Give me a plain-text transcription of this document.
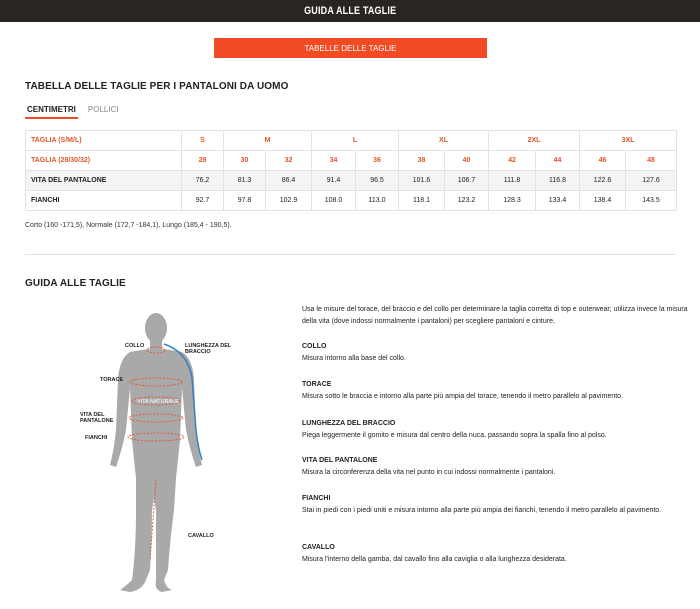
GUIDA ALLE TAGLIE
TABELLE DELLE TAGLIE
TABELLA DELLE TAGLIE PER I PANTALONI DA UOMO
CENTIMETRI POLLICI
TAGLIA (S/M/L)	S	M		L		XL		2XL		3XL	
TAGLIA (28/30/32)	28	30	32	34	36	38	40	42	44	46	48
VITA DEL PANTALONE	76.2	81.3	86.4	91.4	96.5	101.6	106.7	111.8	116.8	122.6	127.6
FIANCHI	92.7	97.8	102.9	108.0	113.0	118.1	123.2	128.3	133.4	138.4	143.5
Corto (160 -171,5), Normale (172,7 -184,1), Lungo (185,4 - 190,5).
GUIDA ALLE TAGLIE
COLLO	LUNGHEZZA DEL BRACCIO
TORACE
VITA NATURALE
VITA DEL PANTALONE
FIANCHI
CAVALLO
Usa le misure del torace, del braccio e del collo per determinare la taglia corretta di top e outerwear; utilizza invece la misura della vita (dove indossi normalmente i pantaloni) per scegliere pantaloni e cinture.
COLLO
Misura intorno alla base del collo.
TORACE
Misura sotto le braccia e intorno alla parte più ampia del torace, tenendo il metro parallelo al pavimento.
LUNGHEZZA DEL BRACCIO
Piega leggermente il gomito e misura dal centro della nuca, passando sopra la spalla fino al polso.
VITA DEL PANTALONE
Misura la circonferenza della vita nel punto in cui indossi normalmente i pantaloni.
FIANCHI
Stai in piedi con i piedi uniti e misura intorno alla parte più ampia dei fianchi, tenendo il metro parallelo al pavimento.
CAVALLO
Misura l'interno della gamba, dal cavallo fino alla caviglia o alla lunghezza desiderata.
